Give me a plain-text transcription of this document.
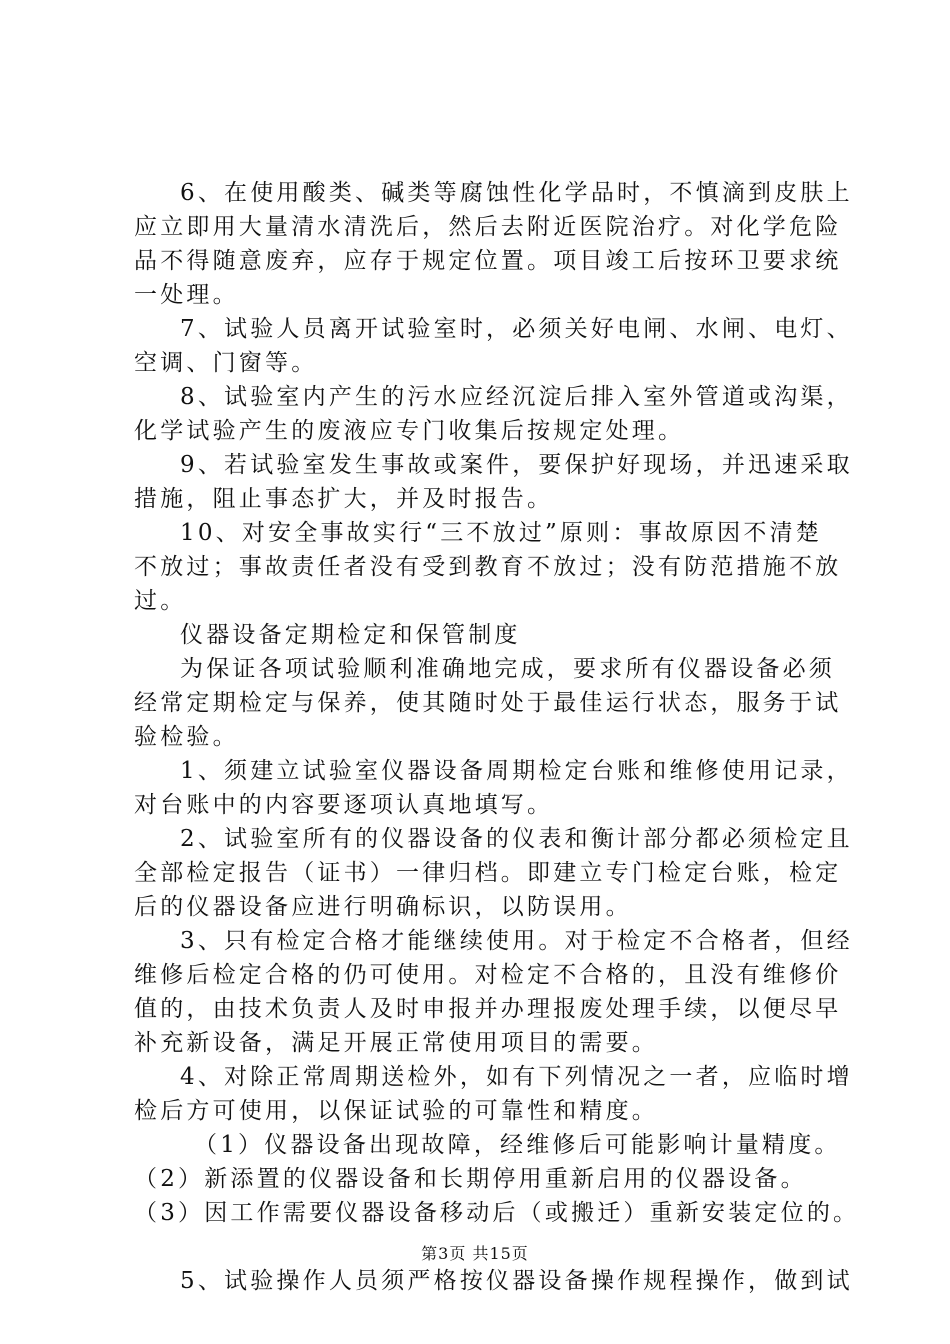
6、在使用酸类、碱类等腐蚀性化学品时，不慎滴到皮肤上
应立即用大量清水清洗后，然后去附近医院治疗。对化学危险
品不得随意废弃，应存于规定位置。项目竣工后按环卫要求统
一处理。
7、试验人员离开试验室时，必须关好电闸、水闸、电灯、
空调、门窗等。
8、试验室内产生的污水应经沉淀后排入室外管道或沟渠，
化学试验产生的废液应专门收集后按规定处理。
9、若试验室发生事故或案件，要保护好现场，并迅速采取
措施，阻止事态扩大，并及时报告。
10、对安全事故实行“三不放过”原则：事故原因不清楚
不放过；事故责任者没有受到教育不放过；没有防范措施不放
过。
仪器设备定期检定和保管制度
为保证各项试验顺利准确地完成，要求所有仪器设备必须
经常定期检定与保养，使其随时处于最佳运行状态，服务于试
验检验。
1、须建立试验室仪器设备周期检定台账和维修使用记录，
对台账中的内容要逐项认真地填写。
2、试验室所有的仪器设备的仪表和衡计部分都必须检定且
全部检定报告（证书）一律归档。即建立专门检定台账，检定
后的仪器设备应进行明确标识，以防误用。
3、只有检定合格才能继续使用。对于检定不合格者，但经
维修后检定合格的仍可使用。对检定不合格的，且没有维修价
值的，由技术负责人及时申报并办理报废处理手续，以便尽早
补充新设备，满足开展正常使用项目的需要。
4、对除正常周期送检外，如有下列情况之一者，应临时增
检后方可使用，以保证试验的可靠性和精度。
（1）仪器设备出现故障，经维修后可能影响计量精度。
（2）新添置的仪器设备和长期停用重新启用的仪器设备。
（3）因工作需要仪器设备移动后（或搬迁）重新安装定位的。
5、试验操作人员须严格按仪器设备操作规程操作，做到试
第3页 共15页
